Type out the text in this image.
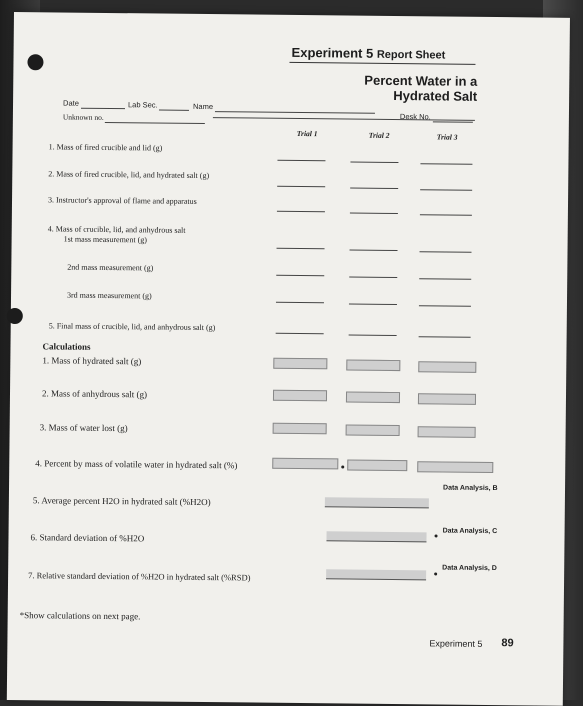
Experiment 5 Report Sheet
Percent Water in a
Hydrated Salt
Date	Lab Sec.	Name
Desk No.
Unknown no.
Trial 1	Trial 2	Trial 3
1. Mass of fired crucible and lid (g)
2. Mass of fired crucible, lid, and hydrated salt (g)
3. Instructor's approval of flame and apparatus
4. Mass of crucible, lid, and anhydrous salt
1st mass measurement (g)
2nd mass measurement (g)
3rd mass measurement (g)
5. Final mass of crucible, lid, and anhydrous salt (g)
Calculations
1. Mass of hydrated salt (g)
2. Mass of anhydrous salt (g)
3. Mass of water lost (g)
4. Percent by mass of volatile water in hydrated salt (%)
5. Average percent H2O in hydrated salt (%H2O)
Data Analysis, B
6. Standard deviation of %H2O
Data Analysis, C
7. Relative standard deviation of %H2O in hydrated salt (%RSD)
Data Analysis, D
*Show calculations on next page.
Experiment 5 89
